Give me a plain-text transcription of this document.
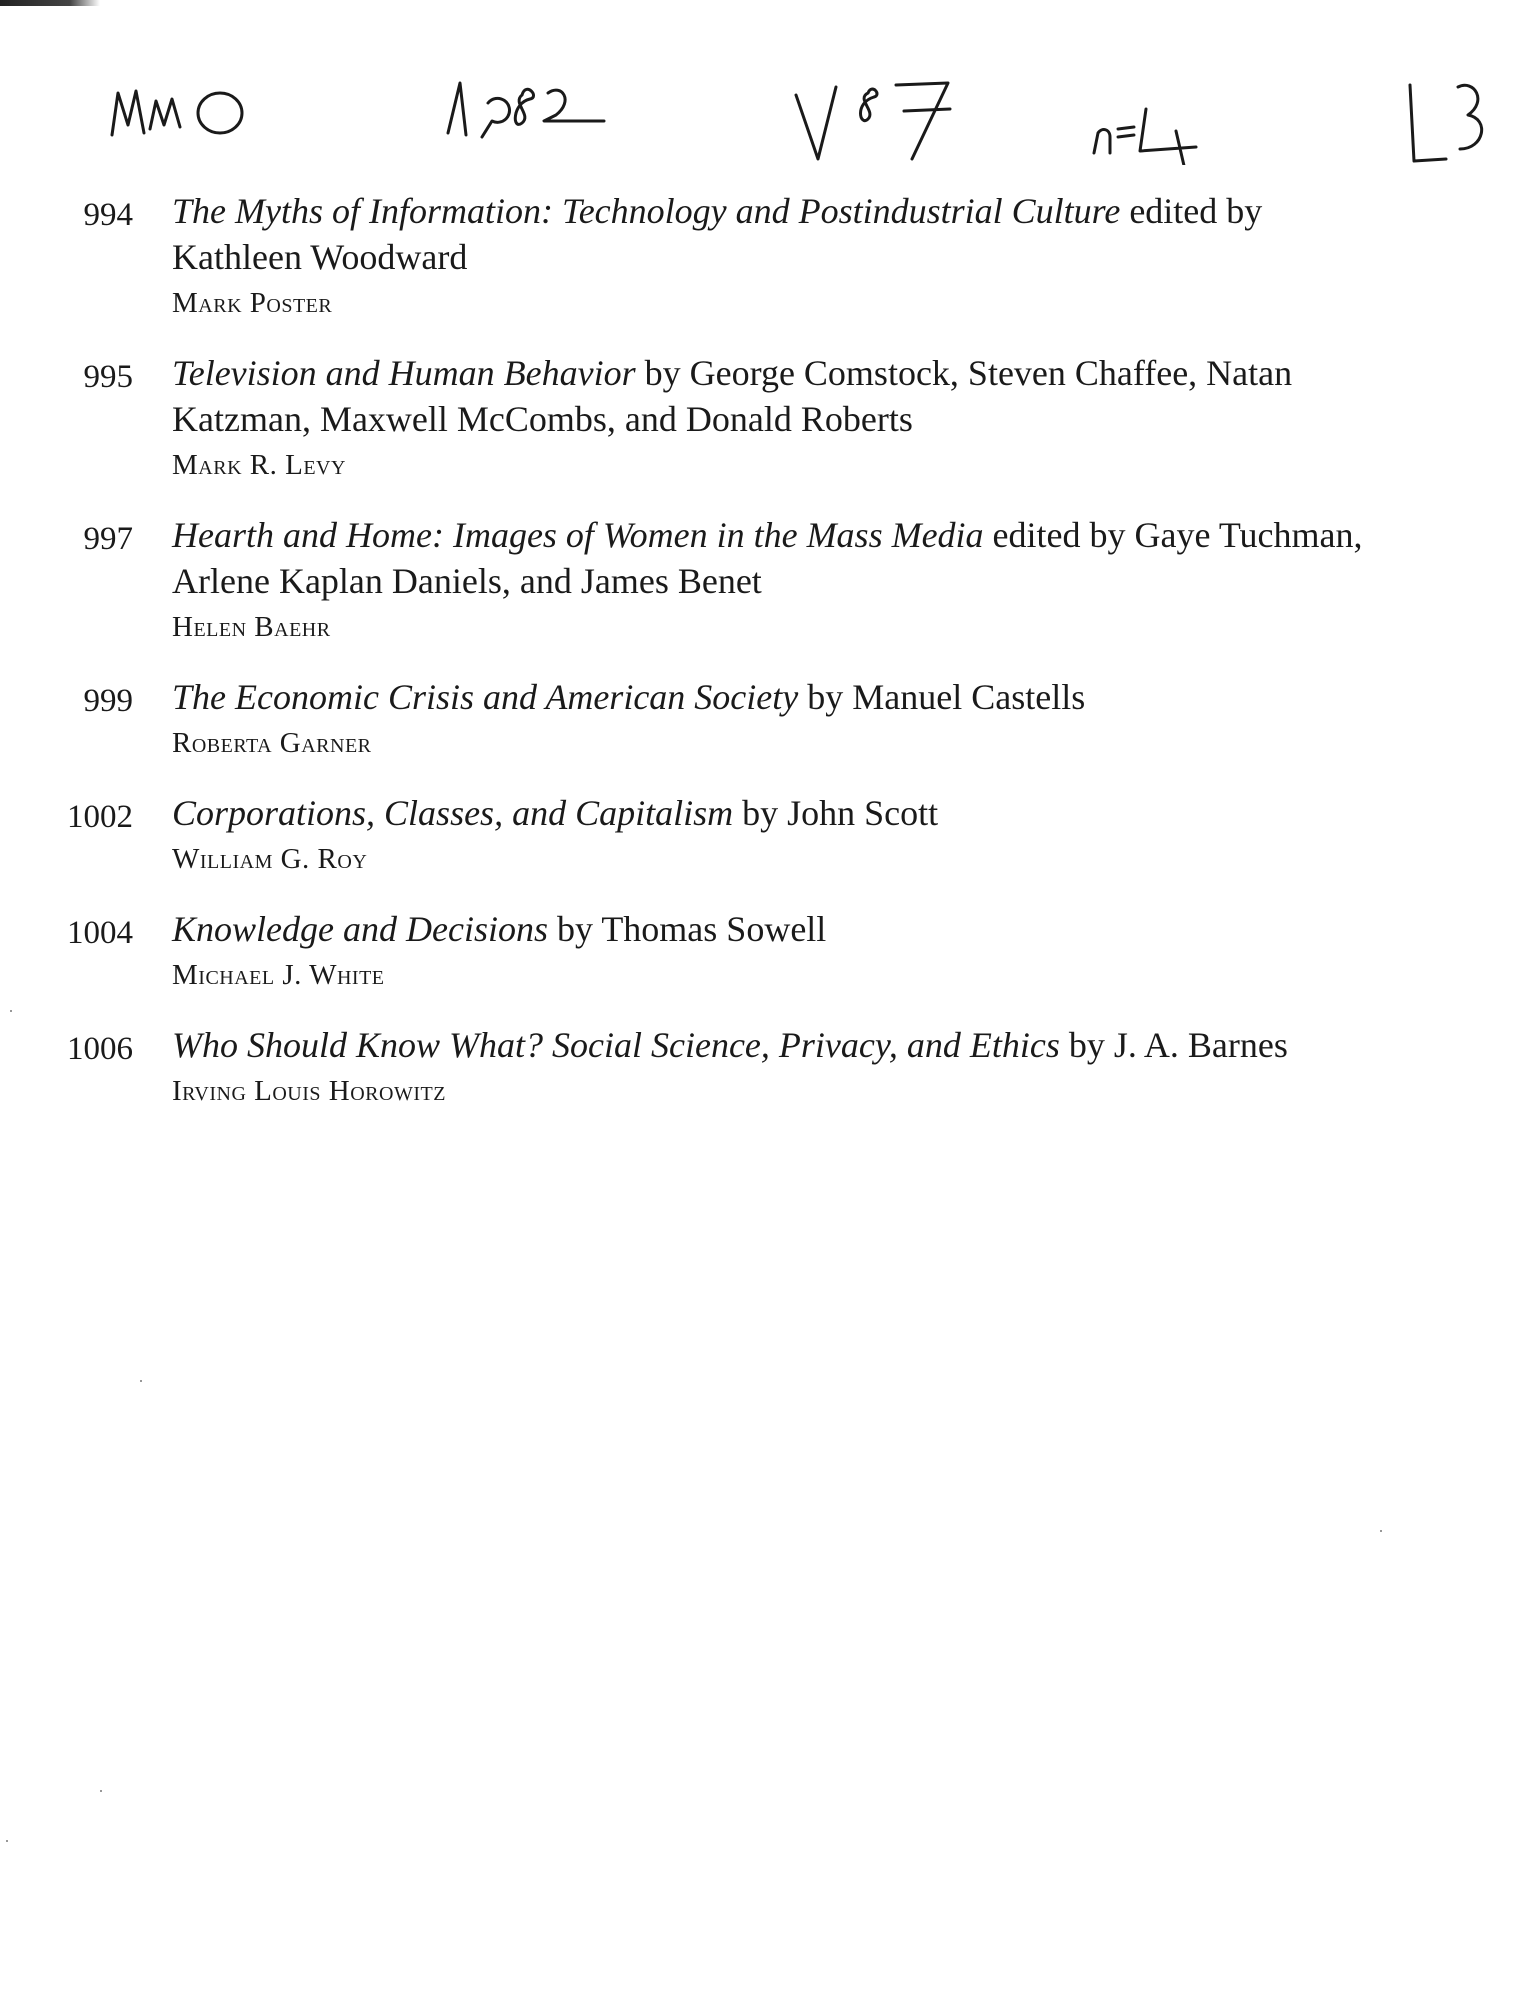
994 The Myths of Information: Technology and Postindustrial Culture edited by Kathleen Woodward
Mark Poster
995 Television and Human Behavior by George Comstock, Steven Chaffee, Natan Katzman, Maxwell McCombs, and Donald Roberts
Mark R. Levy
997 Hearth and Home: Images of Women in the Mass Media edited by Gaye Tuchman, Arlene Kaplan Daniels, and James Benet
Helen Baehr
999 The Economic Crisis and American Society by Manuel Castells
Roberta Garner
1002 Corporations, Classes, and Capitalism by John Scott
William G. Roy
1004 Knowledge and Decisions by Thomas Sowell
Michael J. White
1006 Who Should Know What? Social Science, Privacy, and Ethics by J. A. Barnes
Irving Louis Horowitz
